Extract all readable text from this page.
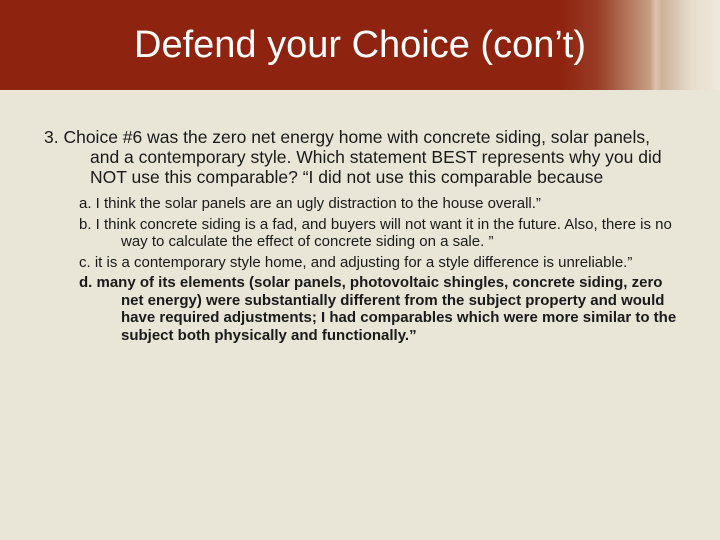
Defend your Choice (con’t)

3. Choice #6 was the zero net energy home with concrete siding, solar panels, and a contemporary style. Which statement BEST represents why you did NOT use this comparable? “I did not use this comparable because

a. I think the solar panels are an ugly distraction to the house overall.”
b. I think concrete siding is a fad, and buyers will not want it in the future. Also, there is no way to calculate the effect of concrete siding on a sale. ”
c. it is a contemporary style home, and adjusting for a style difference is unreliable.”
d. many of its elements (solar panels, photovoltaic shingles, concrete siding, zero net energy) were substantially different from the subject property and would have required adjustments; I had comparables which were more similar to the subject both physically and functionally.”
